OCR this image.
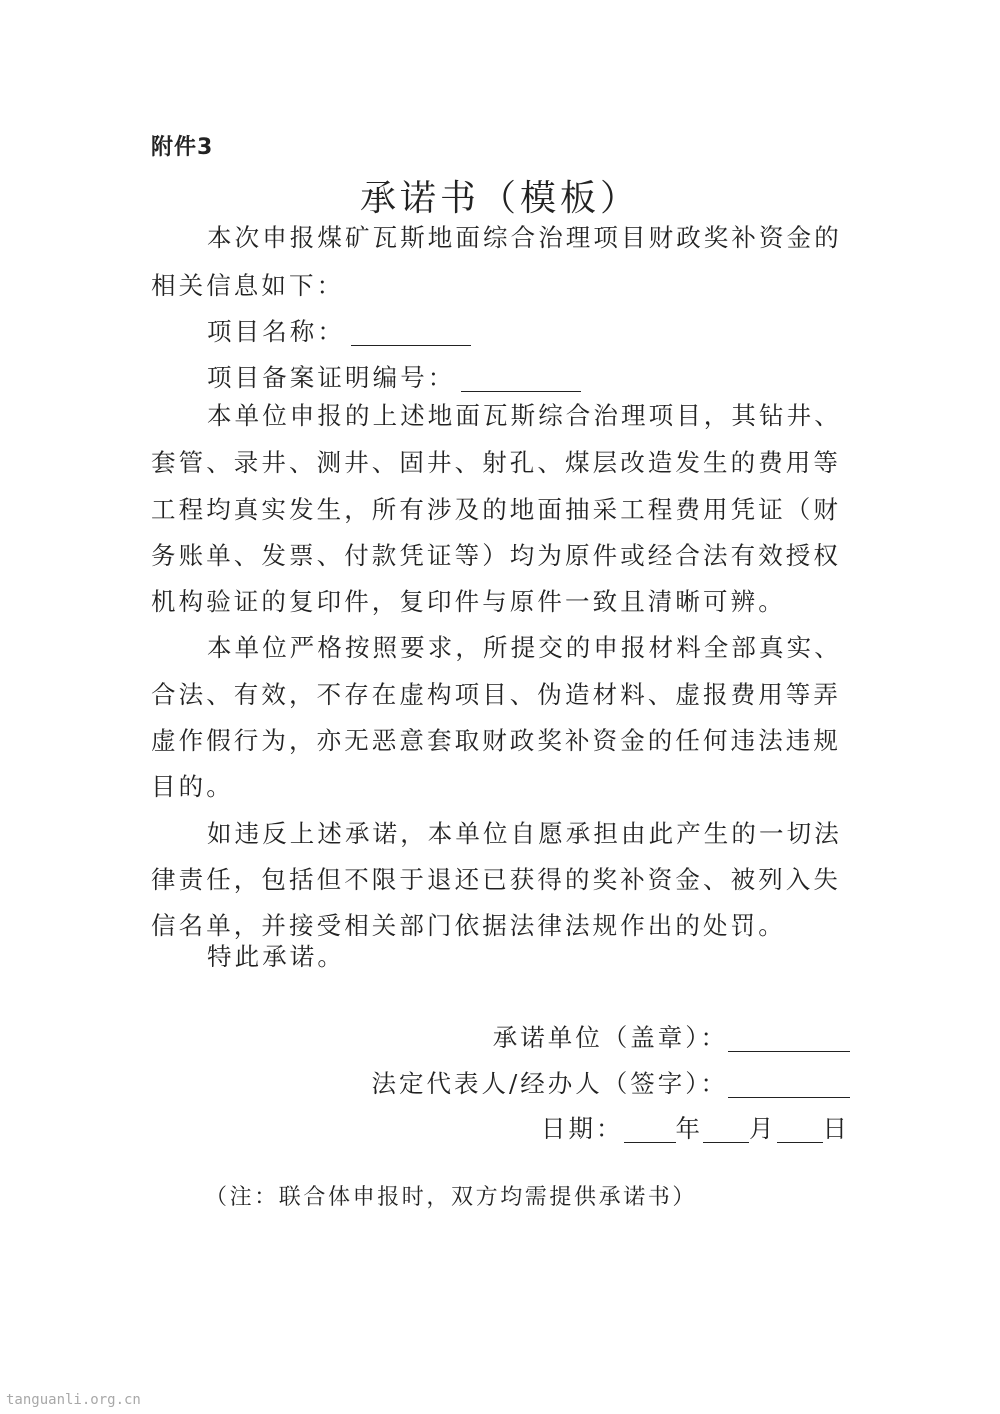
附件3
承诺书（模板）
本次申报煤矿瓦斯地面综合治理项目财政奖补资金的
相关信息如下：
项目名称：
项目备案证明编号：
本单位申报的上述地面瓦斯综合治理项目，其钻井、
套管、录井、测井、固井、射孔、煤层改造发生的费用等
工程均真实发生，所有涉及的地面抽采工程费用凭证（财
务账单、发票、付款凭证等）均为原件或经合法有效授权
机构验证的复印件，复印件与原件一致且清晰可辨。
本单位严格按照要求，所提交的申报材料全部真实、
合法、有效，不存在虚构项目、伪造材料、虚报费用等弄
虚作假行为，亦无恶意套取财政奖补资金的任何违法违规
目的。
如违反上述承诺，本单位自愿承担由此产生的一切法
律责任，包括但不限于退还已获得的奖补资金、被列入失
信名单，并接受相关部门依据法律法规作出的处罚。
特此承诺。
承诺单位（盖章）：
法定代表人/经办人（签字）：
日期： 年 月 日
（注：联合体申报时，双方均需提供承诺书）
tanguanli.org.cn
